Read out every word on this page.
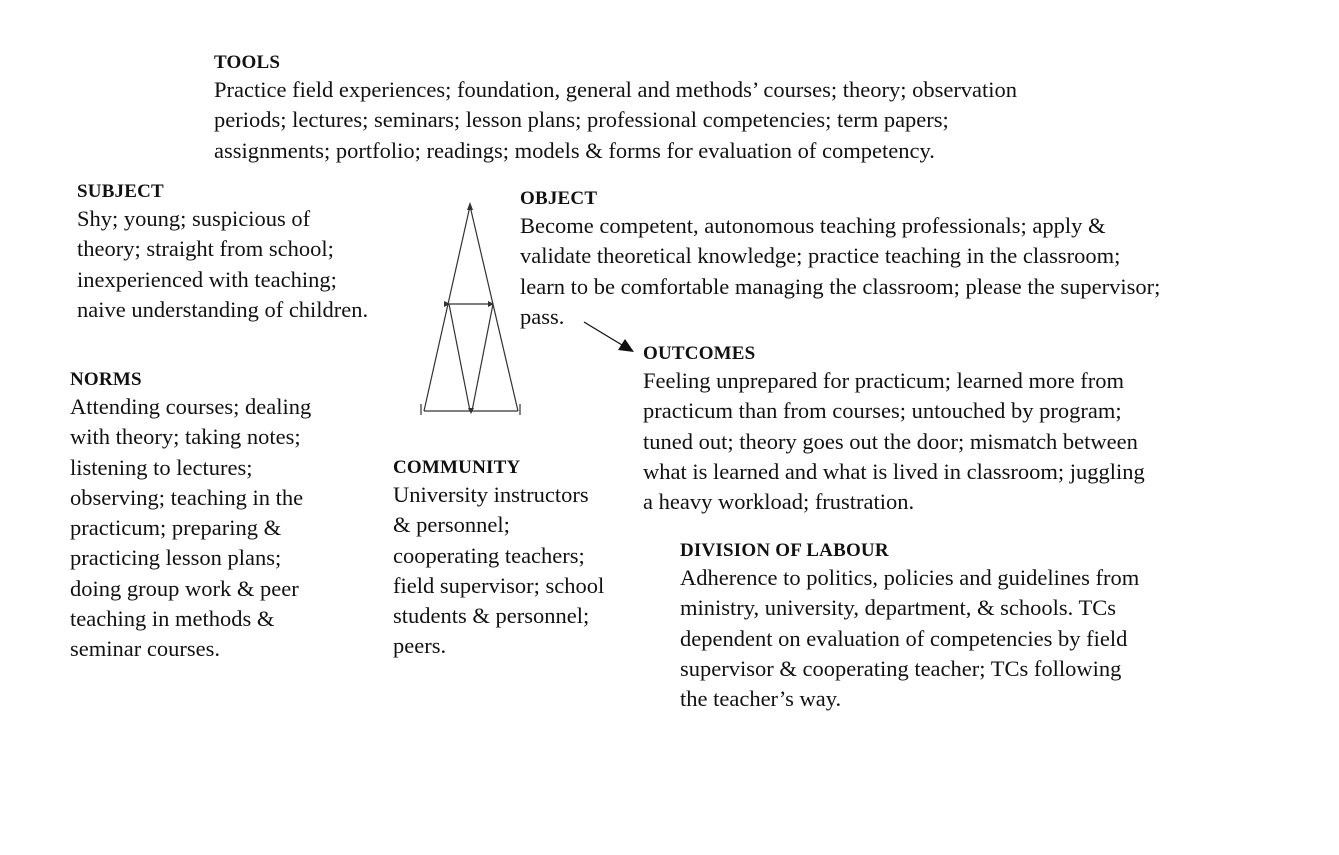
TOOLS
Practice field experiences; foundation, general and methods’ courses; theory; observation
periods; lectures; seminars; lesson plans; professional competencies; term papers;
assignments; portfolio; readings; models & forms for evaluation of competency.
SUBJECT
Shy; young; suspicious of
theory; straight from school;
inexperienced with teaching;
naive understanding of children.
OBJECT
Become competent, autonomous teaching professionals; apply &
validate theoretical knowledge; practice teaching in the classroom;
learn to be comfortable managing the classroom; please the supervisor;
pass.
OUTCOMES
Feeling unprepared for practicum; learned more from
practicum than from courses; untouched by program;
tuned out; theory goes out the door; mismatch between
what is learned and what is lived in classroom; juggling
a heavy workload; frustration.
NORMS
Attending courses; dealing
with theory; taking notes;
listening to lectures;
observing; teaching in the
practicum; preparing &
practicing lesson plans;
doing group work & peer
teaching in methods &
seminar courses.
COMMUNITY
University instructors
& personnel;
cooperating teachers;
field supervisor; school
students & personnel;
peers.
DIVISION OF LABOUR
Adherence to politics, policies and guidelines from
ministry, university, department, & schools. TCs
dependent on evaluation of competencies by field
supervisor & cooperating teacher; TCs following
the teacher’s way.
